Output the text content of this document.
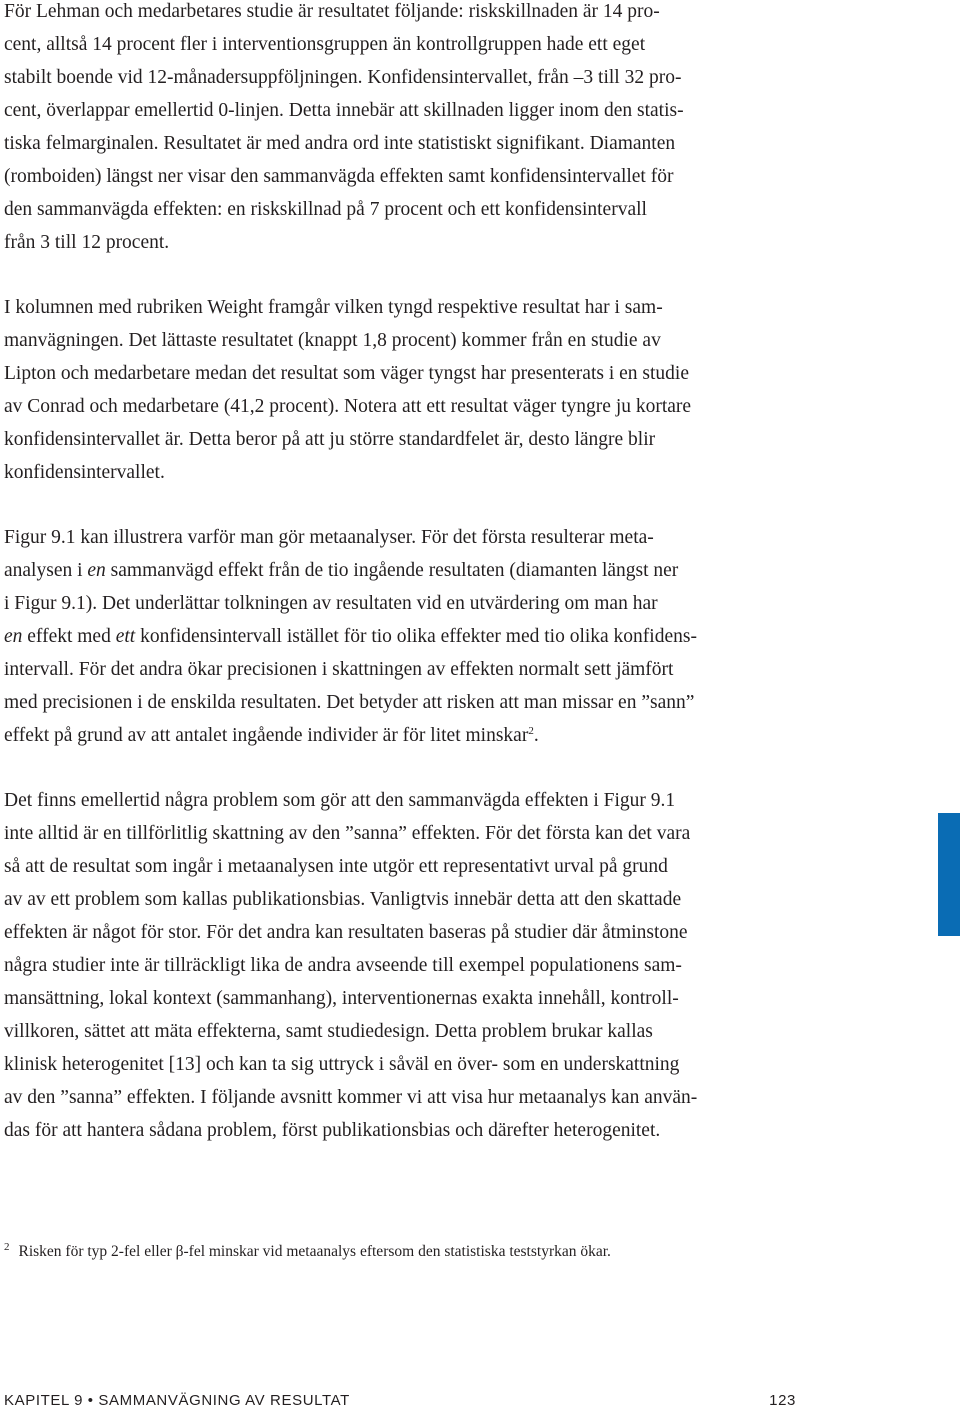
För Lehman och medarbetares studie är resultatet följande: riskskillnaden är 14 pro-

cent, alltså 14 procent fler i interventionsgruppen än kontrollgruppen hade ett eget

stabilt boende vid 12-månadersuppföljningen. Konfidensintervallet, från –3 till 32 pro-

cent, överlappar emellertid 0-linjen. Detta innebär att skillnaden ligger inom den statis-

tiska felmarginalen. Resultatet är med andra ord inte statistiskt signifikant. Diamanten

(romboiden) längst ner visar den sammanvägda effekten samt konfidensintervallet för

den sammanvägda effekten: en riskskillnad på 7 procent och ett konfidensintervall

från 3 till 12 procent.

I kolumnen med rubriken Weight framgår vilken tyngd respektive resultat har i sam-

manvägningen. Det lättaste resultatet (knappt 1,8 procent) kommer från en studie av

Lipton och medarbetare medan det resultat som väger tyngst har presenterats i en studie

av Conrad och medarbetare (41,2 procent). Notera att ett resultat väger tyngre ju kortare

konfidensintervallet är. Detta beror på att ju större standardfelet är, desto längre blir

konfidensintervallet.

Figur 9.1 kan illustrera varför man gör metaanalyser. För det första resulterar meta-

analysen i en sammanvägd effekt från de tio ingående resultaten (diamanten längst ner

i Figur 9.1). Det underlättar tolkningen av resultaten vid en utvärdering om man har

en effekt med ett konfidensintervall istället för tio olika effekter med tio olika konfidens-

intervall. För det andra ökar precisionen i skattningen av effekten normalt sett jämfört

med precisionen i de enskilda resultaten. Det betyder att risken att man missar en ”sann”

effekt på grund av att antalet ingående individer är för litet minskar$^2$.

Det finns emellertid några problem som gör att den sammanvägda effekten i Figur 9.1

inte alltid är en tillförlitlig skattning av den ”sanna” effekten. För det första kan det vara

så att de resultat som ingår i metaanalysen inte utgör ett representativt urval på grund

av av ett problem som kallas publikationsbias. Vanligtvis innebär detta att den skattade

effekten är något för stor. För det andra kan resultaten baseras på studier där åtminstone

några studier inte är tillräckligt lika de andra avseende till exempel populationens sam-

mansättning, lokal kontext (sammanhang), interventionernas exakta innehåll, kontroll-

villkoren, sättet att mäta effekterna, samt studiedesign. Detta problem brukar kallas

klinisk heterogenitet [13] och kan ta sig uttryck i såväl en över- som en underskattning

av den ”sanna” effekten. I följande avsnitt kommer vi att visa hur metaanalys kan använ-

das för att hantera sådana problem, först publikationsbias och därefter heterogenitet.

$^2$ Risken för typ 2-fel eller β-fel minskar vid metaanalys eftersom den statistiska teststyrkan ökar.
KAPITEL 9 • SAMMANVÄGNING AV RESULTAT	123
